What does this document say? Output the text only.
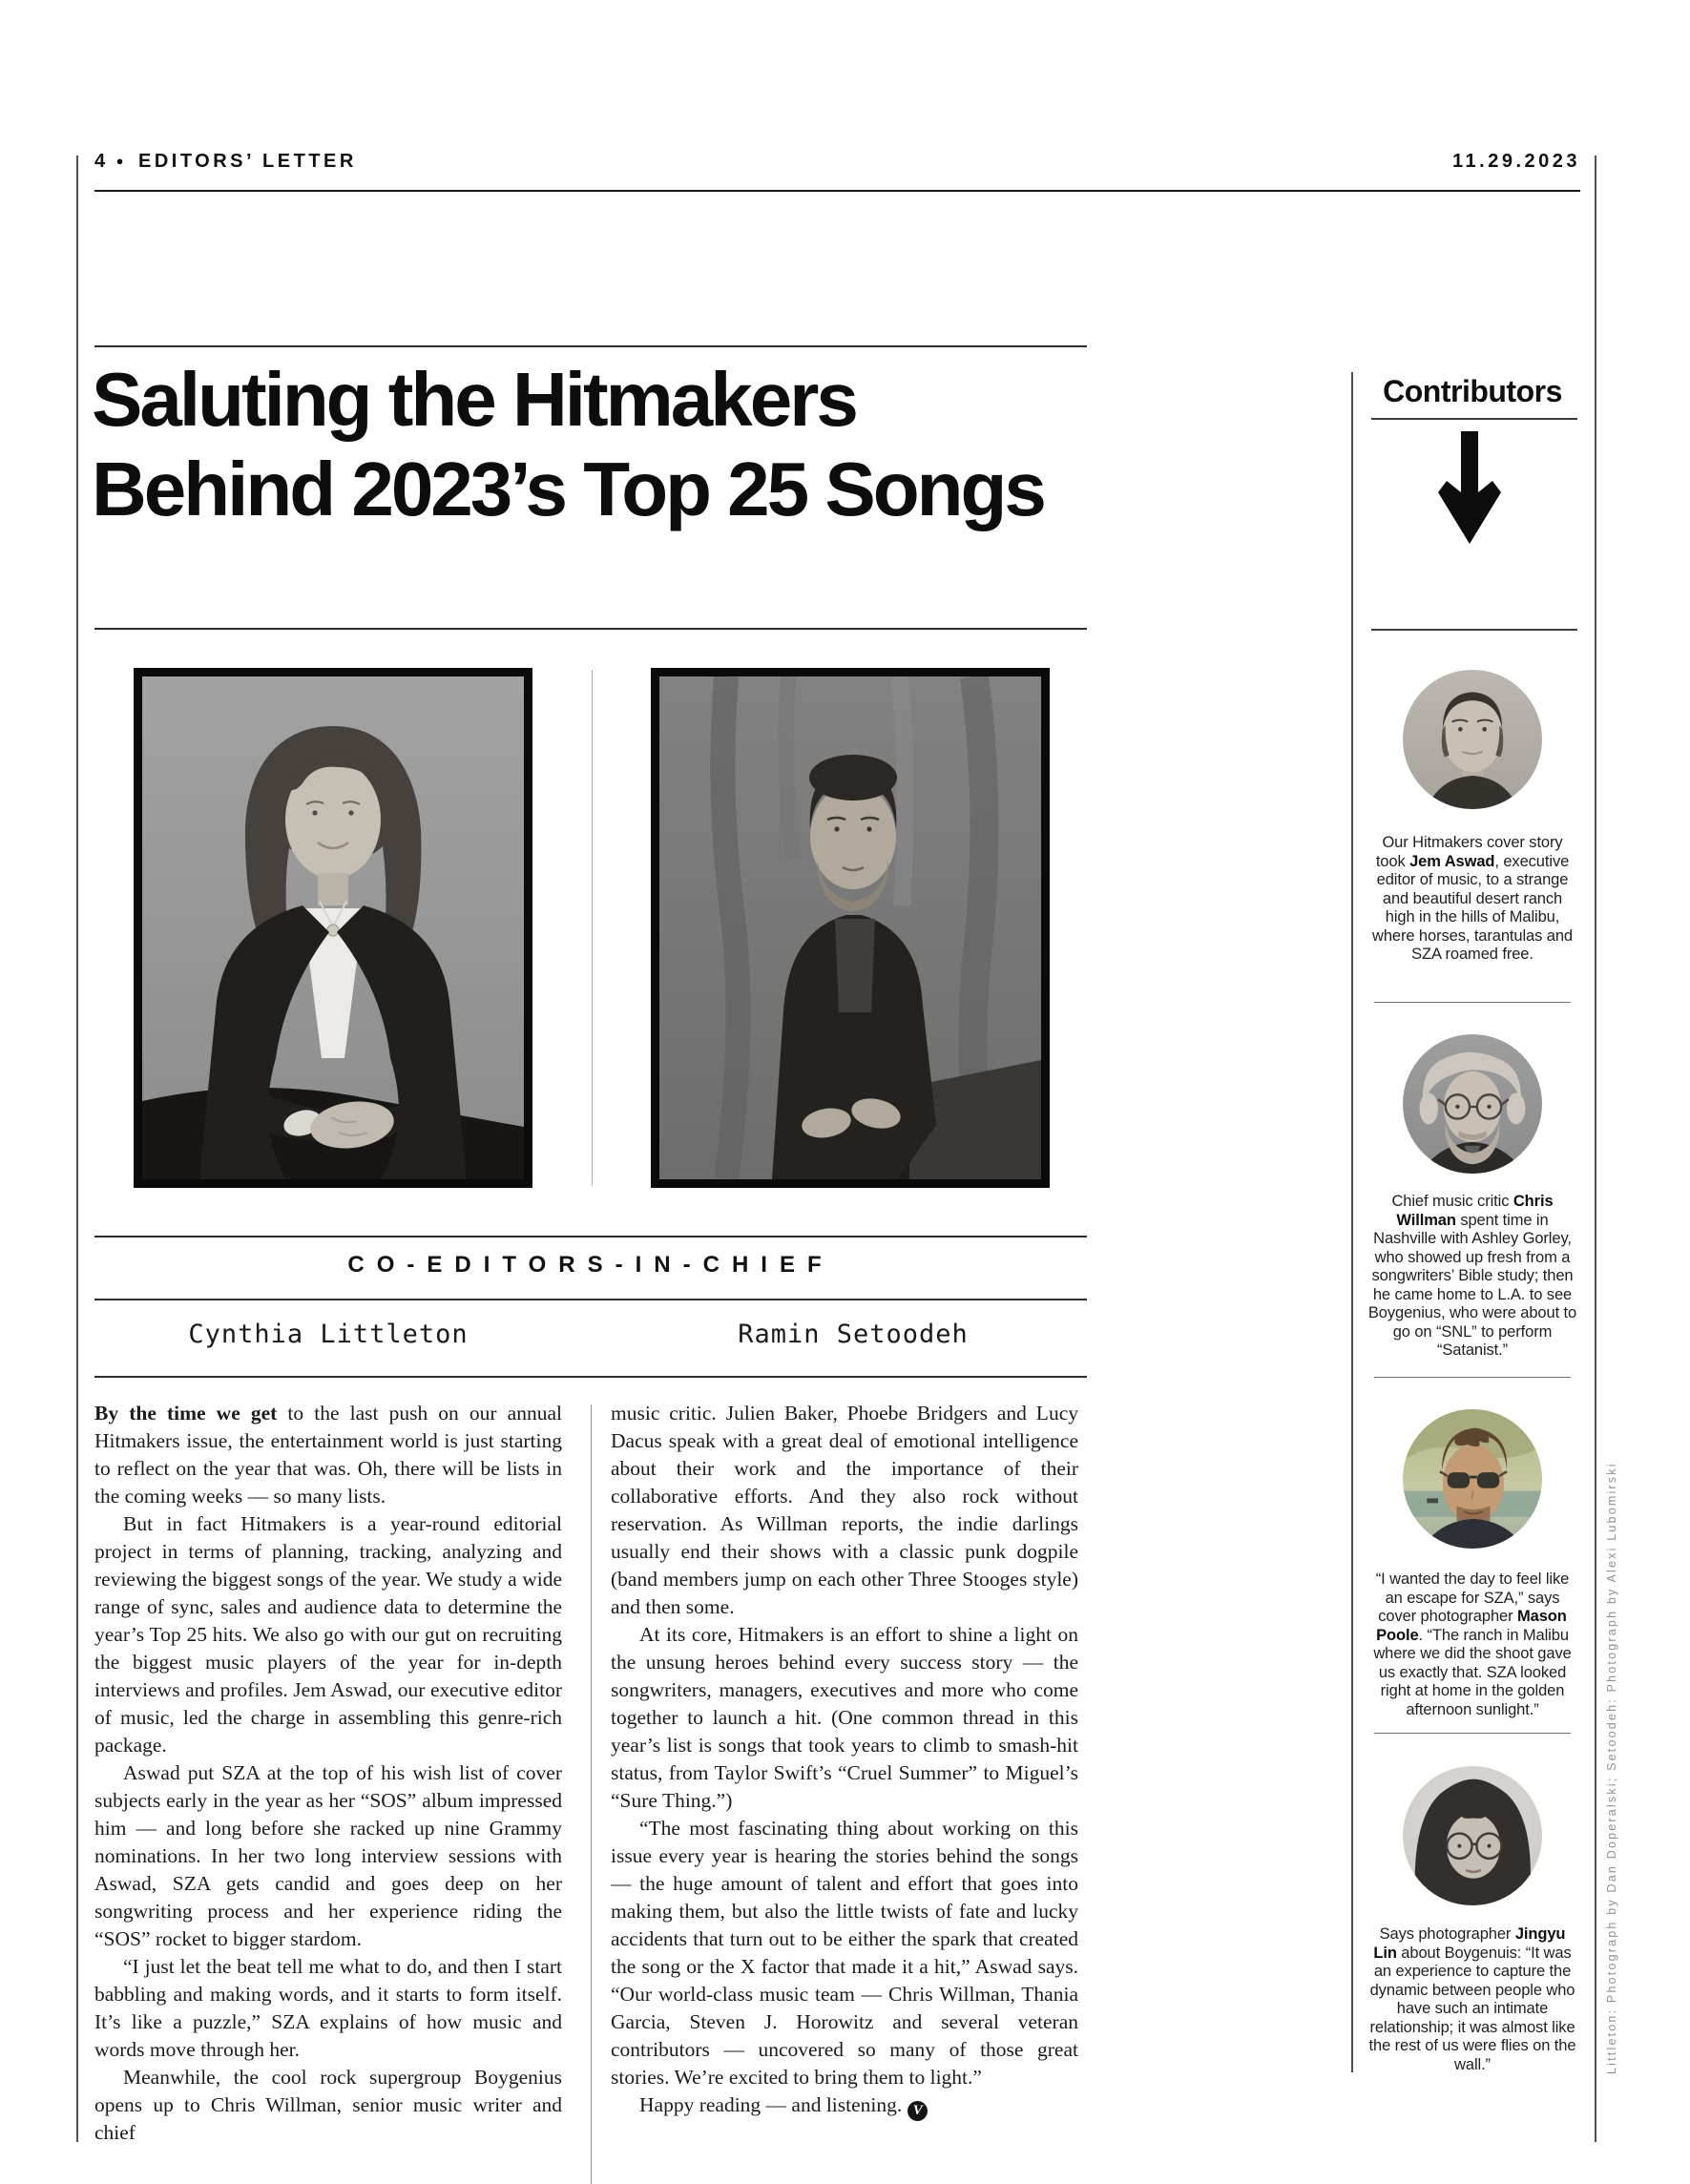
4 ● EDITORS’ LETTER	11.29.2023
Saluting the Hitmakers
Behind 2023’s Top 25 Songs
CO-EDITORS-IN-CHIEF
Cynthia Littleton	Ramin Setoodeh

By the time we get to the last push on our annual Hitmakers issue, the entertainment world is just starting to reflect on the year that was. Oh, there will be lists in the coming weeks — so many lists.

But in fact Hitmakers is a year-round editorial project in terms of planning, tracking, analyzing and reviewing the biggest songs of the year. We study a wide range of sync, sales and audience data to determine the year’s Top 25 hits. We also go with our gut on recruiting the biggest music players of the year for in-depth interviews and profiles. Jem Aswad, our executive editor of music, led the charge in assembling this genre-rich package.

Aswad put SZA at the top of his wish list of cover subjects early in the year as her “SOS” album impressed him — and long before she racked up nine Grammy nominations. In her two long interview sessions with Aswad, SZA gets candid and goes deep on her songwriting process and her experience riding the “SOS” rocket to bigger stardom.

“I just let the beat tell me what to do, and then I start babbling and making words, and it starts to form itself. It’s like a puzzle,” SZA explains of how music and words move through her.

Meanwhile, the cool rock supergroup Boygenius opens up to Chris Willman, senior music writer and chief

music critic. Julien Baker, Phoebe Bridgers and Lucy Dacus speak with a great deal of emotional intelligence about their work and the importance of their collaborative efforts. And they also rock without reservation. As Willman reports, the indie darlings usually end their shows with a classic punk dogpile (band members jump on each other Three Stooges style) and then some.

At its core, Hitmakers is an effort to shine a light on the unsung heroes behind every success story — the songwriters, managers, executives and more who come together to launch a hit. (One common thread in this year’s list is songs that took years to climb to smash-hit status, from Taylor Swift’s “Cruel Summer” to Miguel’s “Sure Thing.”)

“The most fascinating thing about working on this issue every year is hearing the stories behind the songs — the huge amount of talent and effort that goes into making them, but also the little twists of fate and lucky accidents that turn out to be either the spark that created the song or the X factor that made it a hit,” Aswad says. “Our world-class music team — Chris Willman, Thania Garcia, Steven J. Horowitz and several veteran contributors — uncovered so many of those great stories. We’re excited to bring them to light.”

Happy reading — and listening. V

Contributors
Our Hitmakers cover story took Jem Aswad, executive editor of music, to a strange and beautiful desert ranch high in the hills of Malibu, where horses, tarantulas and SZA roamed free.
Chief music critic Chris Willman spent time in Nashville with Ashley Gorley, who showed up fresh from a songwriters’ Bible study; then he came home to L.A. to see Boygenius, who were about to go on “SNL” to perform “Satanist.”
“I wanted the day to feel like an escape for SZA,” says cover photographer Mason Poole. “The ranch in Malibu where we did the shoot gave us exactly that. SZA looked right at home in the golden afternoon sunlight.”
Says photographer Jingyu Lin about Boygenuis: “It was an experience to capture the dynamic between people who have such an intimate relationship; it was almost like the rest of us were flies on the wall.”	Littleton: Photograph by Dan Doperalski; Setoodeh: Photograph by Alexi Lubomirski
